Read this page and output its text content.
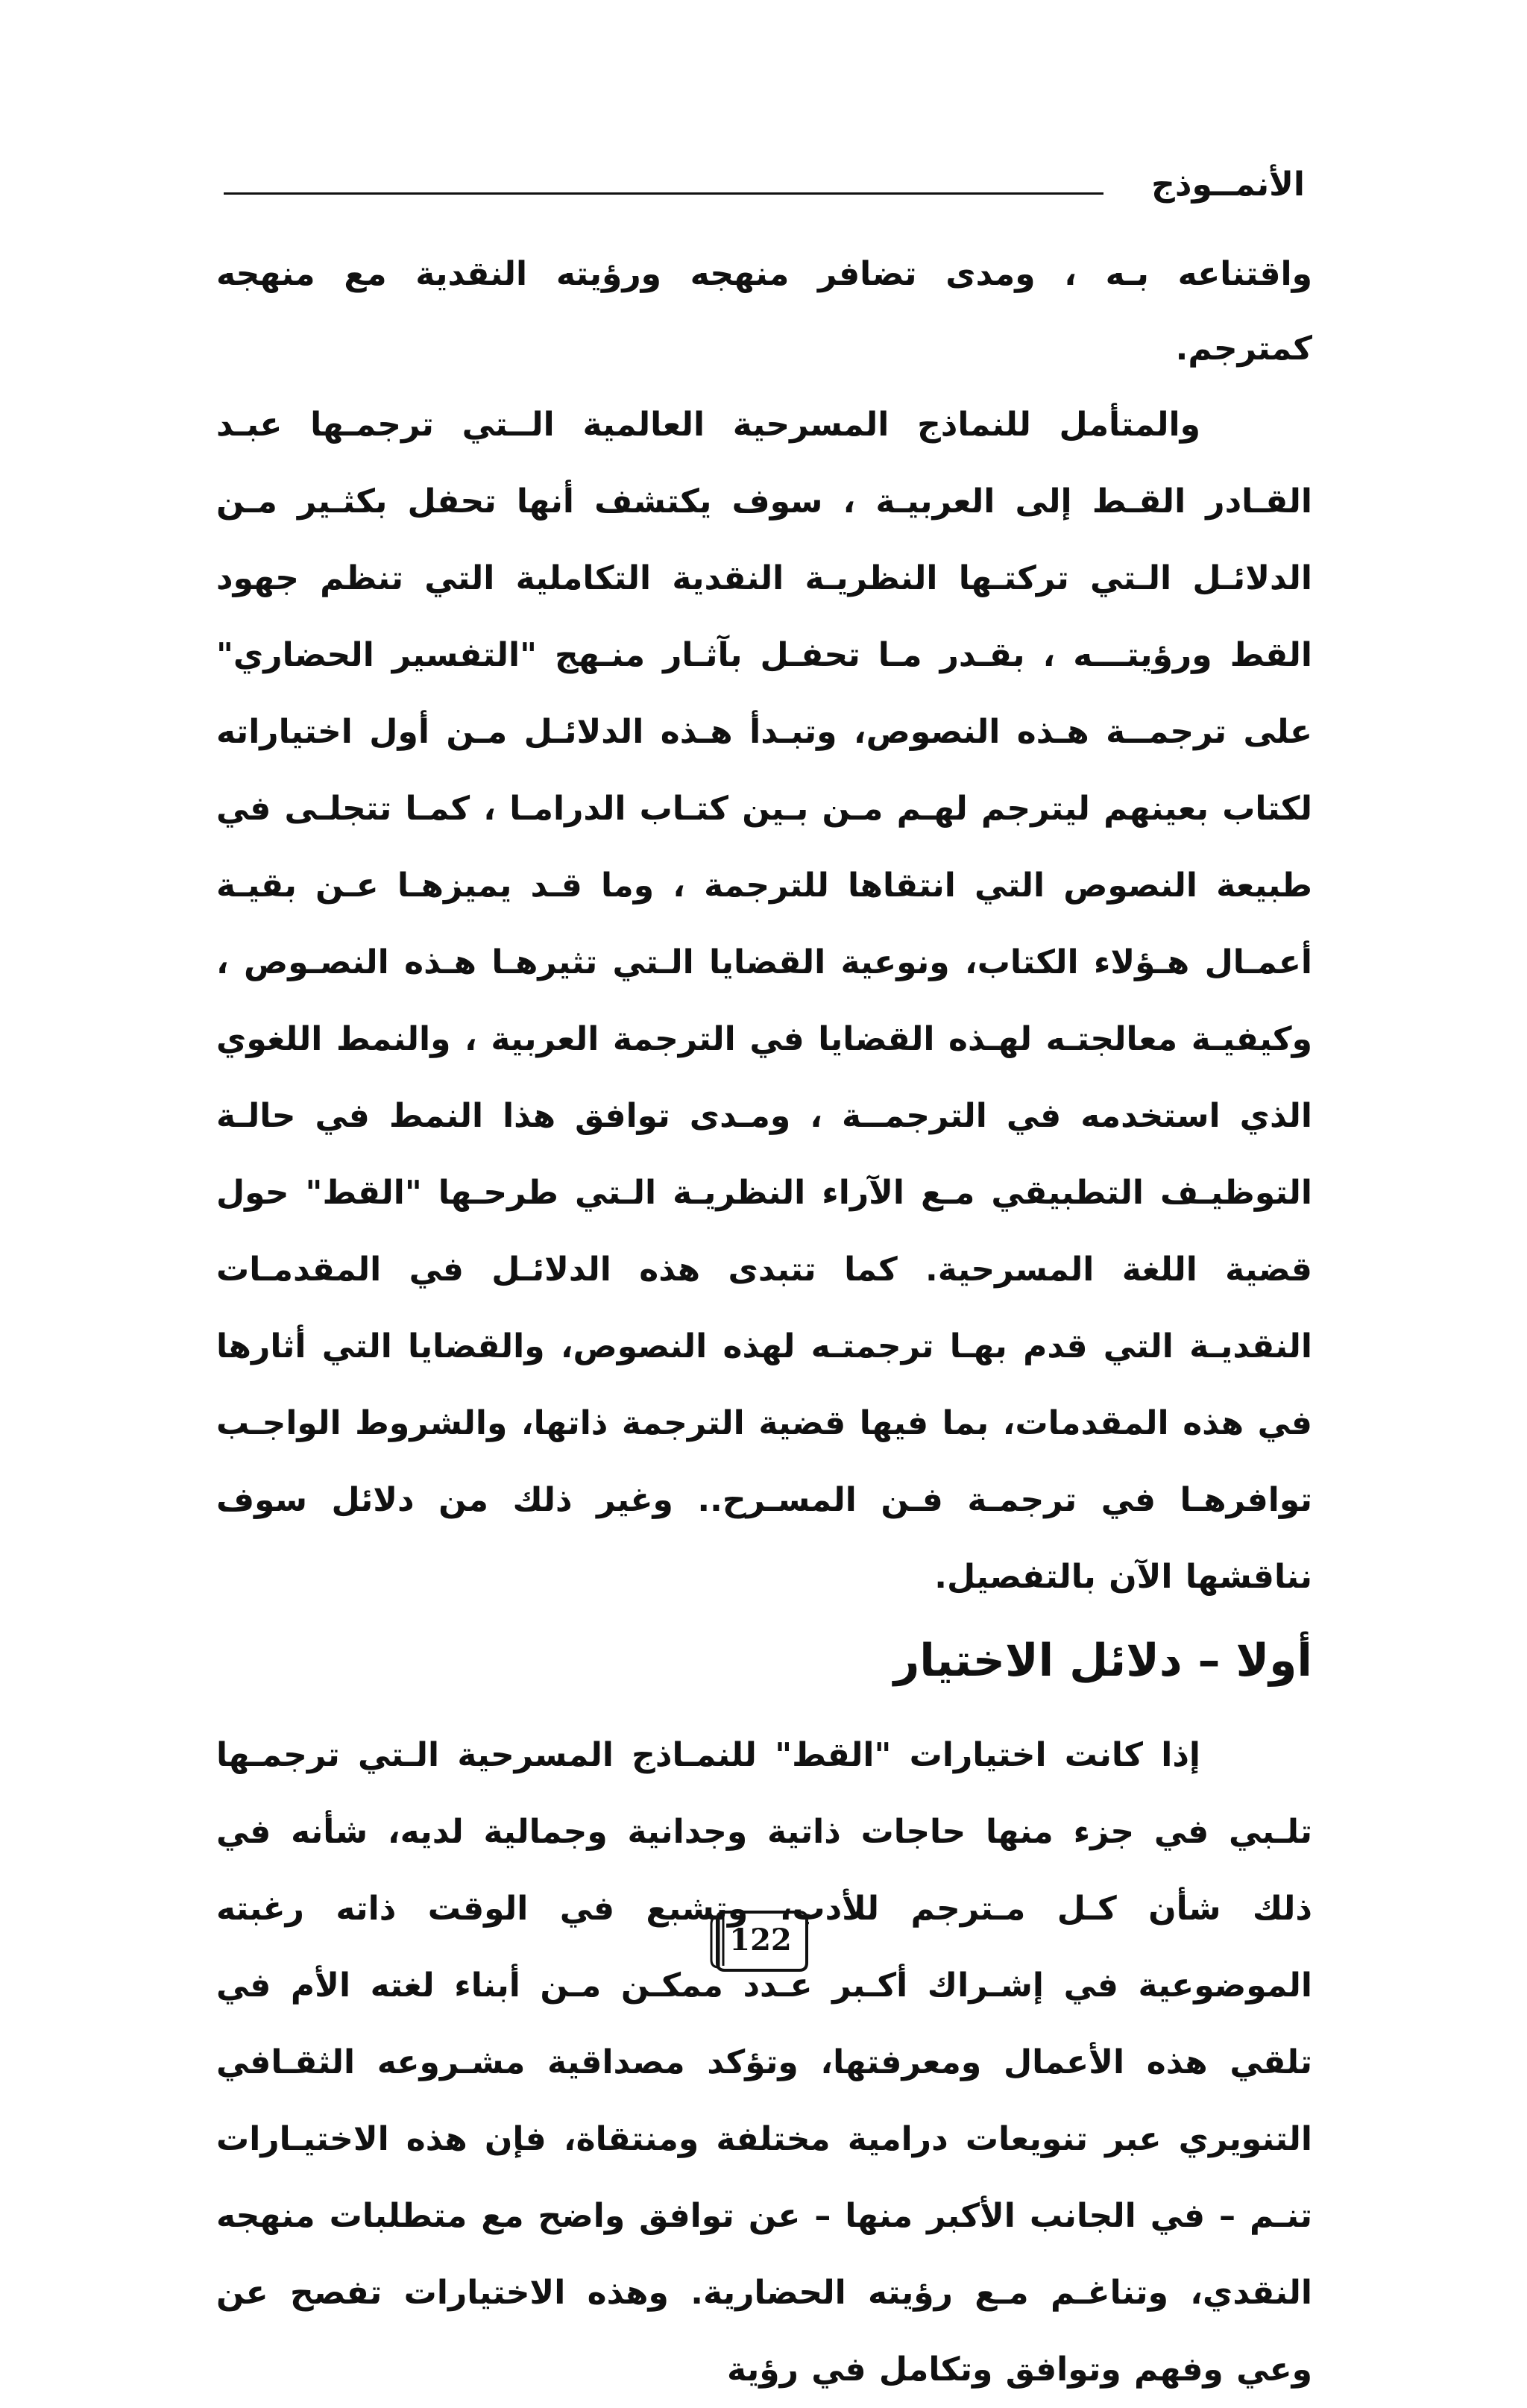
الأنمــوذج

واقتناعه بـه ، ومدى تضافر منهجه ورؤيته النقدية مع منهجه كمترجم.

والمتأمل للنماذج المسرحية العالمية الــتي ترجمـها عبـد القـادر القـط إلى العربيـة ، سوف يكتشف أنها تحفل بكثـير مـن الدلائـل الـتي تركتـها النظريـة النقدية التكاملية التي تنظم جهود القط ورؤيتـــه ، بقـدر مـا تحفـل بآثـار منـهج "التفسير الحضاري" على ترجمــة هـذه النصوص، وتبـدأ هـذه الدلائـل مـن أول اختياراته لكتاب بعينهم ليترجم لهـم مـن بـين كتـاب الدرامـا ، كمـا تتجلـى في طبيعة النصوص التي انتقاها للترجمة ، وما قـد يميزهـا عـن بقيـة أعمـال هـؤلاء الكتاب، ونوعية القضايا الـتي تثيرهـا هـذه النصـوص ، وكيفيـة معالجتـه لهـذه القضايا في الترجمة العربية ، والنمط اللغوي الذي استخدمه في الترجمــة ، ومـدى توافق هذا النمط في حالـة التوظيـف التطبيقي مـع الآراء النظريـة الـتي طرحـها "القط" حول قضية اللغة المسرحية. كما تتبدى هذه الدلائـل في المقدمـات النقديـة التي قدم بهـا ترجمتـه لهذه النصوص، والقضايا التي أثارها في هذه المقدمات، بما فيها قضية الترجمة ذاتها، والشروط الواجـب توافرهـا في ترجمـة فـن المسـرح.. وغير ذلك من دلائل سوف نناقشها الآن بالتفصيل.

أولا – دلائل الاختيار

إذا كانت اختيارات "القط" للنمـاذج المسرحية الـتي ترجمـها تلـبي في جزء منها حاجات ذاتية وجدانية وجمالية لديه، شأنه في ذلك شأن كـل مـترجم للأدب، وتشبع في الوقت ذاته رغبته الموضوعية في إشـراك أكـبر عـدد ممكـن مـن أبناء لغته الأم في تلقي هذه الأعمال ومعرفتها، وتؤكد مصداقية مشـروعه الثقـافي التنويري عبر تنويعات درامية مختلفة ومنتقاة، فإن هذه الاختيـارات تنـم – في الجانب الأكبر منها – عن توافق واضح مع متطلبات منهجه النقدي، وتناغـم مـع رؤيته الحضارية. وهذه الاختيارات تفصح عن وعي وفهم وتوافق وتكامل في رؤية

122
